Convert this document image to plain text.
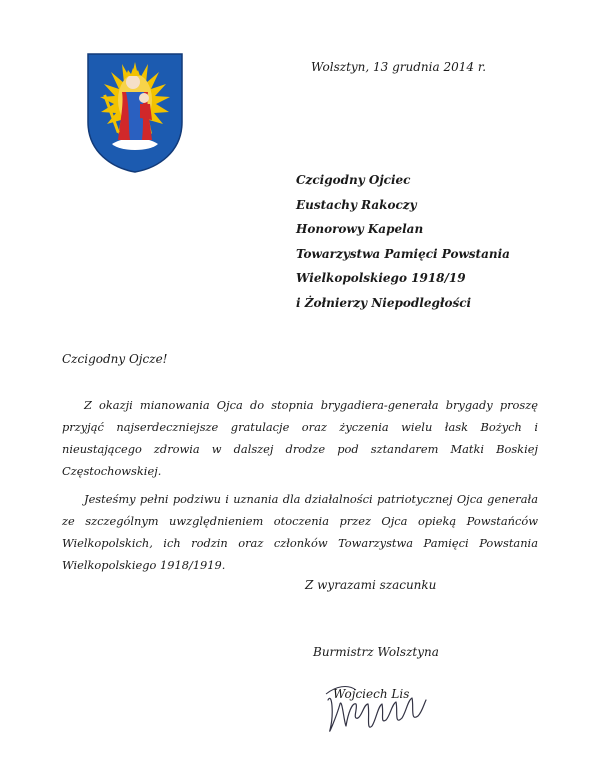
Wolsztyn, 13 grudnia 2014 r.
Czcigodny Ojciec
Eustachy Rakoczy
Honorowy Kapelan
Towarzystwa Pamięci Powstania
Wielkopolskiego 1918/19
i Żołnierzy Niepodległości
Czcigodny Ojcze!

Z okazji mianowania Ojca do stopnia brygadiera-generała brygady proszę przyjąć najserdeczniejsze gratulacje oraz życzenia wielu łask Bożych i nieustającego zdrowia w dalszej drodze pod sztandarem Matki Boskiej Częstochowskiej.

Jesteśmy pełni podziwu i uznania dla działalności patriotycznej Ojca generała ze szczególnym uwzględnieniem otoczenia przez Ojca opieką Powstańców Wielkopolskich, ich rodzin oraz członków Towarzystwa Pamięci Powstania Wielkopolskiego 1918/1919.

Z wyrazami szacunku
Burmistrz Wolsztyna
Wojciech Lis
